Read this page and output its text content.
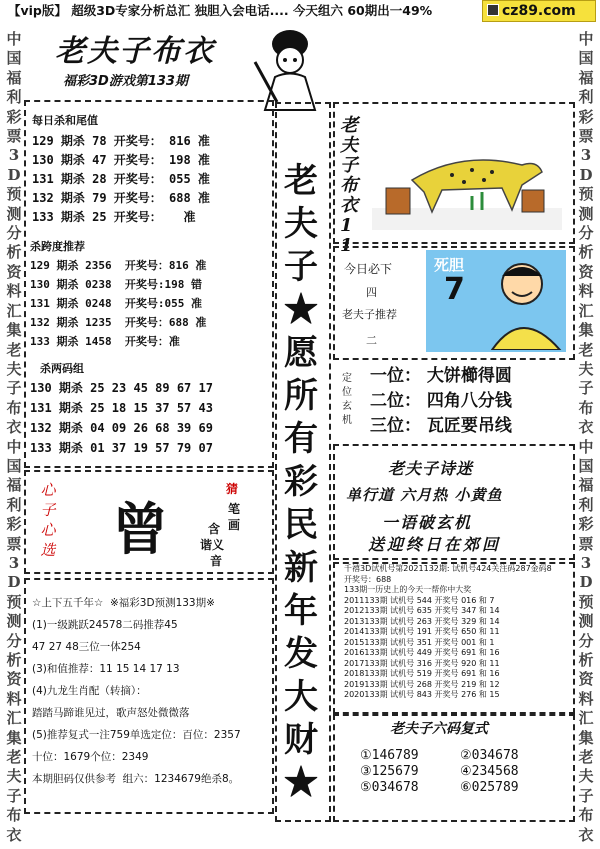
【vip版】 超级3D专家分析总汇 独胆入会电话.... 今天组六 60期出一49%	cz89.com
中国福利彩票3D预测分析资料汇集老夫子布衣中国福利彩票3D预测分析资料汇集老夫子布衣
中国福利彩票3D预测分析资料汇集老夫子布衣中国福利彩票3D预测分析资料汇集老夫子布衣
老夫子布衣
福彩3D游戏第133期
每日杀和尾值
129 期杀 78 开奖号： 816 准
130 期杀 47 开奖号： 198 准
131 期杀 28 开奖号： 055 准
132 期杀 79 开奖号： 688 准
133 期杀 25 开奖号：   准
杀跨度推荐
129 期杀 2356  开奖号：816 准
130 期杀 0238  开奖号:198 错
131 期杀 0248  开奖号:055 准
132 期杀 1235  开奖号：688 准
133 期杀 1458  开奖号：准
杀两码组
130 期杀 25 23 45 89 67 17
131 期杀 25 18 15 37 57 43
132 期杀 04 09 26 68 39 69
133 期杀 01 37 19 57 79 07
心子心选 曾
猜
笔
画
含
谐义
音
☆上下五千年☆  ※福彩3D预测133期※
(1)一级跳跃24578二码推荐45
47 27 48三位一体254
(3)和值推荐：11 15 14 17 13
(4)九龙生肖配（转摘）：
踏踏马蹄谁见过，歌声怒处微微落
(5)推荐复式一注759单选定位：百位：2357
十位：1679个位：2349
本期胆码仅供参考  组六：1234679绝杀8。
老夫子★愿所有彩民新年发大财★
老夫子布衣11
今日必下
四
老夫子推荐
二
死胆
7
定位玄机
一位： 大饼櫛得圆
二位： 四角八分钱
三位： 瓦匠要吊线
老夫子诗迷
单行道 六月热 小黄鱼
一语破玄机
送迎终日在郊回
千禧3D试机号第2021132期: 试机号424关注码287金码8
开奖号：688
133期一历史上的今天一帮你中大奖
2011133期 试机号 544 开奖号 016 和 7
2012133期 试机号 635 开奖号 347 和 14
2013133期 试机号 263 开奖号 329 和 14
2014133期 试机号 191 开奖号 650 和 11
2015133期 试机号 351 开奖号 001 和 1
2016133期 试机号 449 开奖号 691 和 16
2017133期 试机号 316 开奖号 920 和 11
2018133期 试机号 519 开奖号 691 和 16
2019133期 试机号 268 开奖号 219 和 12
2020133期 试机号 843 开奖号 276 和 15
老夫子六码复式
①146789	②034678
③125679	④234568
⑤034678	⑥025789
